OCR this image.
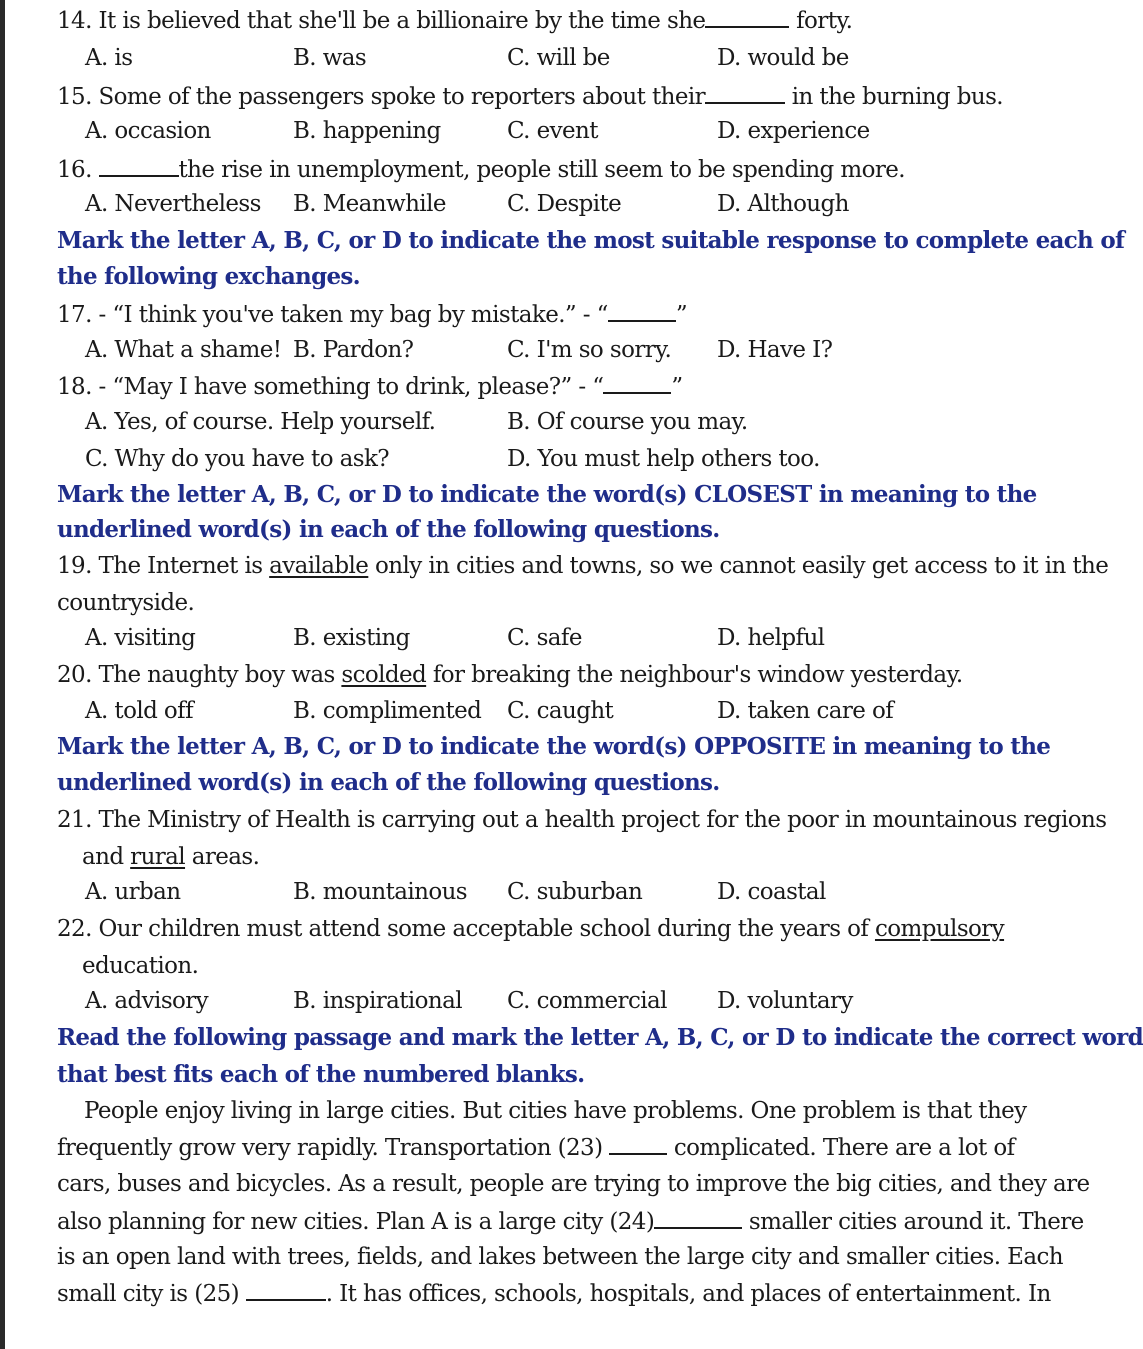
14. It is believed that she'll be a billionaire by the time she	forty.
A. is	B. was	C. will be	D. would be
15. Some of the passengers spoke to reporters about their	in the burning bus.
A. occasion	B. happening	C. event	D. experience
16.	the rise in unemployment, people still seem to be spending more.
A. Nevertheless B. Meanwhile	C. Despite	D. Although
Mark the letter A, B, C, or D to indicate the most suitable response to complete each of
the following exchanges.
17. - “I think you've taken my bag by mistake.” - “	”
A. What a shame! B. Pardon?	C. I'm so sorry. D. Have I?
18. - “May I have something to drink, please?” - “	”
A. Yes, of course. Help yourself.	B. Of course you may.
C. Why do you have to ask?	D. You must help others too.
Mark the letter A, B, C, or D to indicate the word(s) CLOSEST in meaning to the
underlined word(s) in each of the following questions.
19. The Internet is available only in cities and towns, so we cannot easily get access to it in the
countryside.
A. visiting	B. existing	C. safe	D. helpful
20. The naughty boy was scolded for breaking the neighbour's window yesterday.
A. told off	B. complimented C. caught	D. taken care of
Mark the letter A, B, C, or D to indicate the word(s) OPPOSITE in meaning to the
underlined word(s) in each of the following questions.
21. The Ministry of Health is carrying out a health project for the poor in mountainous regions
and rural areas.
A. urban	B. mountainous C. suburban	D. coastal
22. Our children must attend some acceptable school during the years of compulsory
education.
A. advisory	B. inspirational C. commercial D. voluntary
Read the following passage and mark the letter A, B, C, or D to indicate the correct word
that best fits each of the numbered blanks.
People enjoy living in large cities. But cities have problems. One problem is that they
frequently grow very rapidly. Transportation (23)	complicated. There are a lot of
cars, buses and bicycles. As a result, people are trying to improve the big cities, and they are
also planning for new cities. Plan A is a large city (24)	smaller cities around it. There
is an open land with trees, fields, and lakes between the large city and smaller cities. Each
small city is (25)	. It has offices, schools, hospitals, and places of entertainment. In
